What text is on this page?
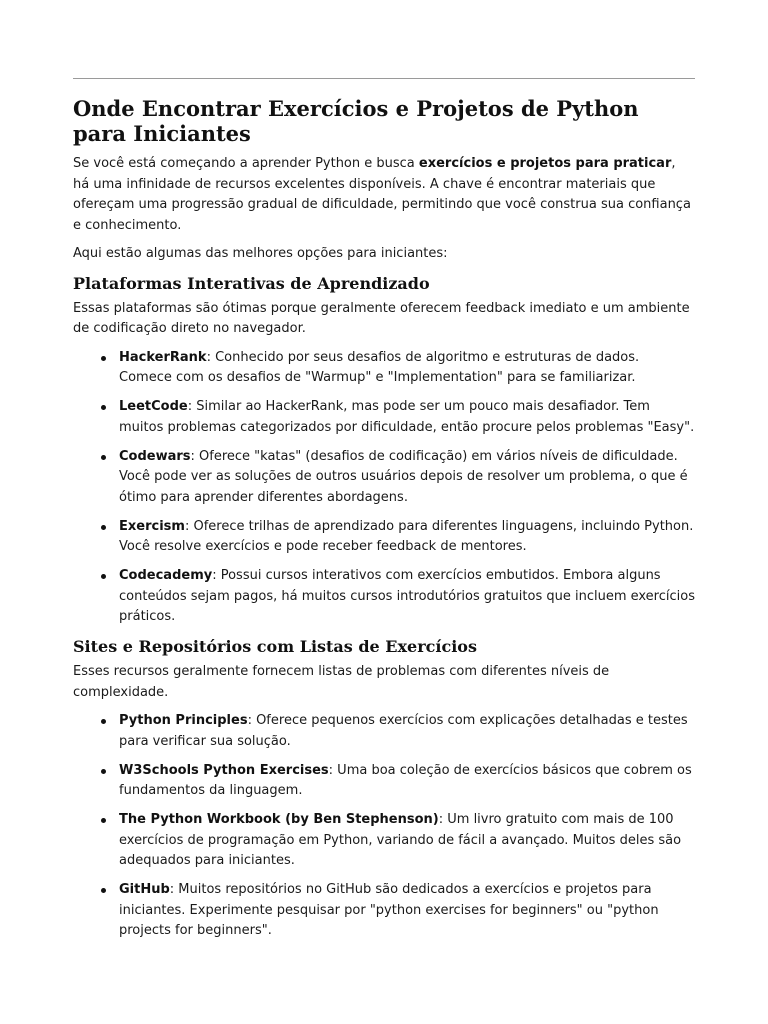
Onde Encontrar Exercícios e Projetos de Python para Iniciantes

Se você está começando a aprender Python e busca exercícios e projetos para praticar, há uma infinidade de recursos excelentes disponíveis. A chave é encontrar materiais que ofereçam uma progressão gradual de dificuldade, permitindo que você construa sua confiança e conhecimento.

Aqui estão algumas das melhores opções para iniciantes:

Plataformas Interativas de Aprendizado

Essas plataformas são ótimas porque geralmente oferecem feedback imediato e um ambiente de codificação direto no navegador.

HackerRank: Conhecido por seus desafios de algoritmo e estruturas de dados. Comece com os desafios de "Warmup" e "Implementation" para se familiarizar.
LeetCode: Similar ao HackerRank, mas pode ser um pouco mais desafiador. Tem muitos problemas categorizados por dificuldade, então procure pelos problemas "Easy".
Codewars: Oferece "katas" (desafios de codificação) em vários níveis de dificuldade. Você pode ver as soluções de outros usuários depois de resolver um problema, o que é ótimo para aprender diferentes abordagens.
Exercism: Oferece trilhas de aprendizado para diferentes linguagens, incluindo Python. Você resolve exercícios e pode receber feedback de mentores.
Codecademy: Possui cursos interativos com exercícios embutidos. Embora alguns conteúdos sejam pagos, há muitos cursos introdutórios gratuitos que incluem exercícios práticos.
Sites e Repositórios com Listas de Exercícios

Esses recursos geralmente fornecem listas de problemas com diferentes níveis de complexidade.

Python Principles: Oferece pequenos exercícios com explicações detalhadas e testes para verificar sua solução.
W3Schools Python Exercises: Uma boa coleção de exercícios básicos que cobrem os fundamentos da linguagem.
The Python Workbook (by Ben Stephenson): Um livro gratuito com mais de 100 exercícios de programação em Python, variando de fácil a avançado. Muitos deles são adequados para iniciantes.
GitHub: Muitos repositórios no GitHub são dedicados a exercícios e projetos para iniciantes. Experimente pesquisar por "python exercises for beginners" ou "python projects for beginners".
